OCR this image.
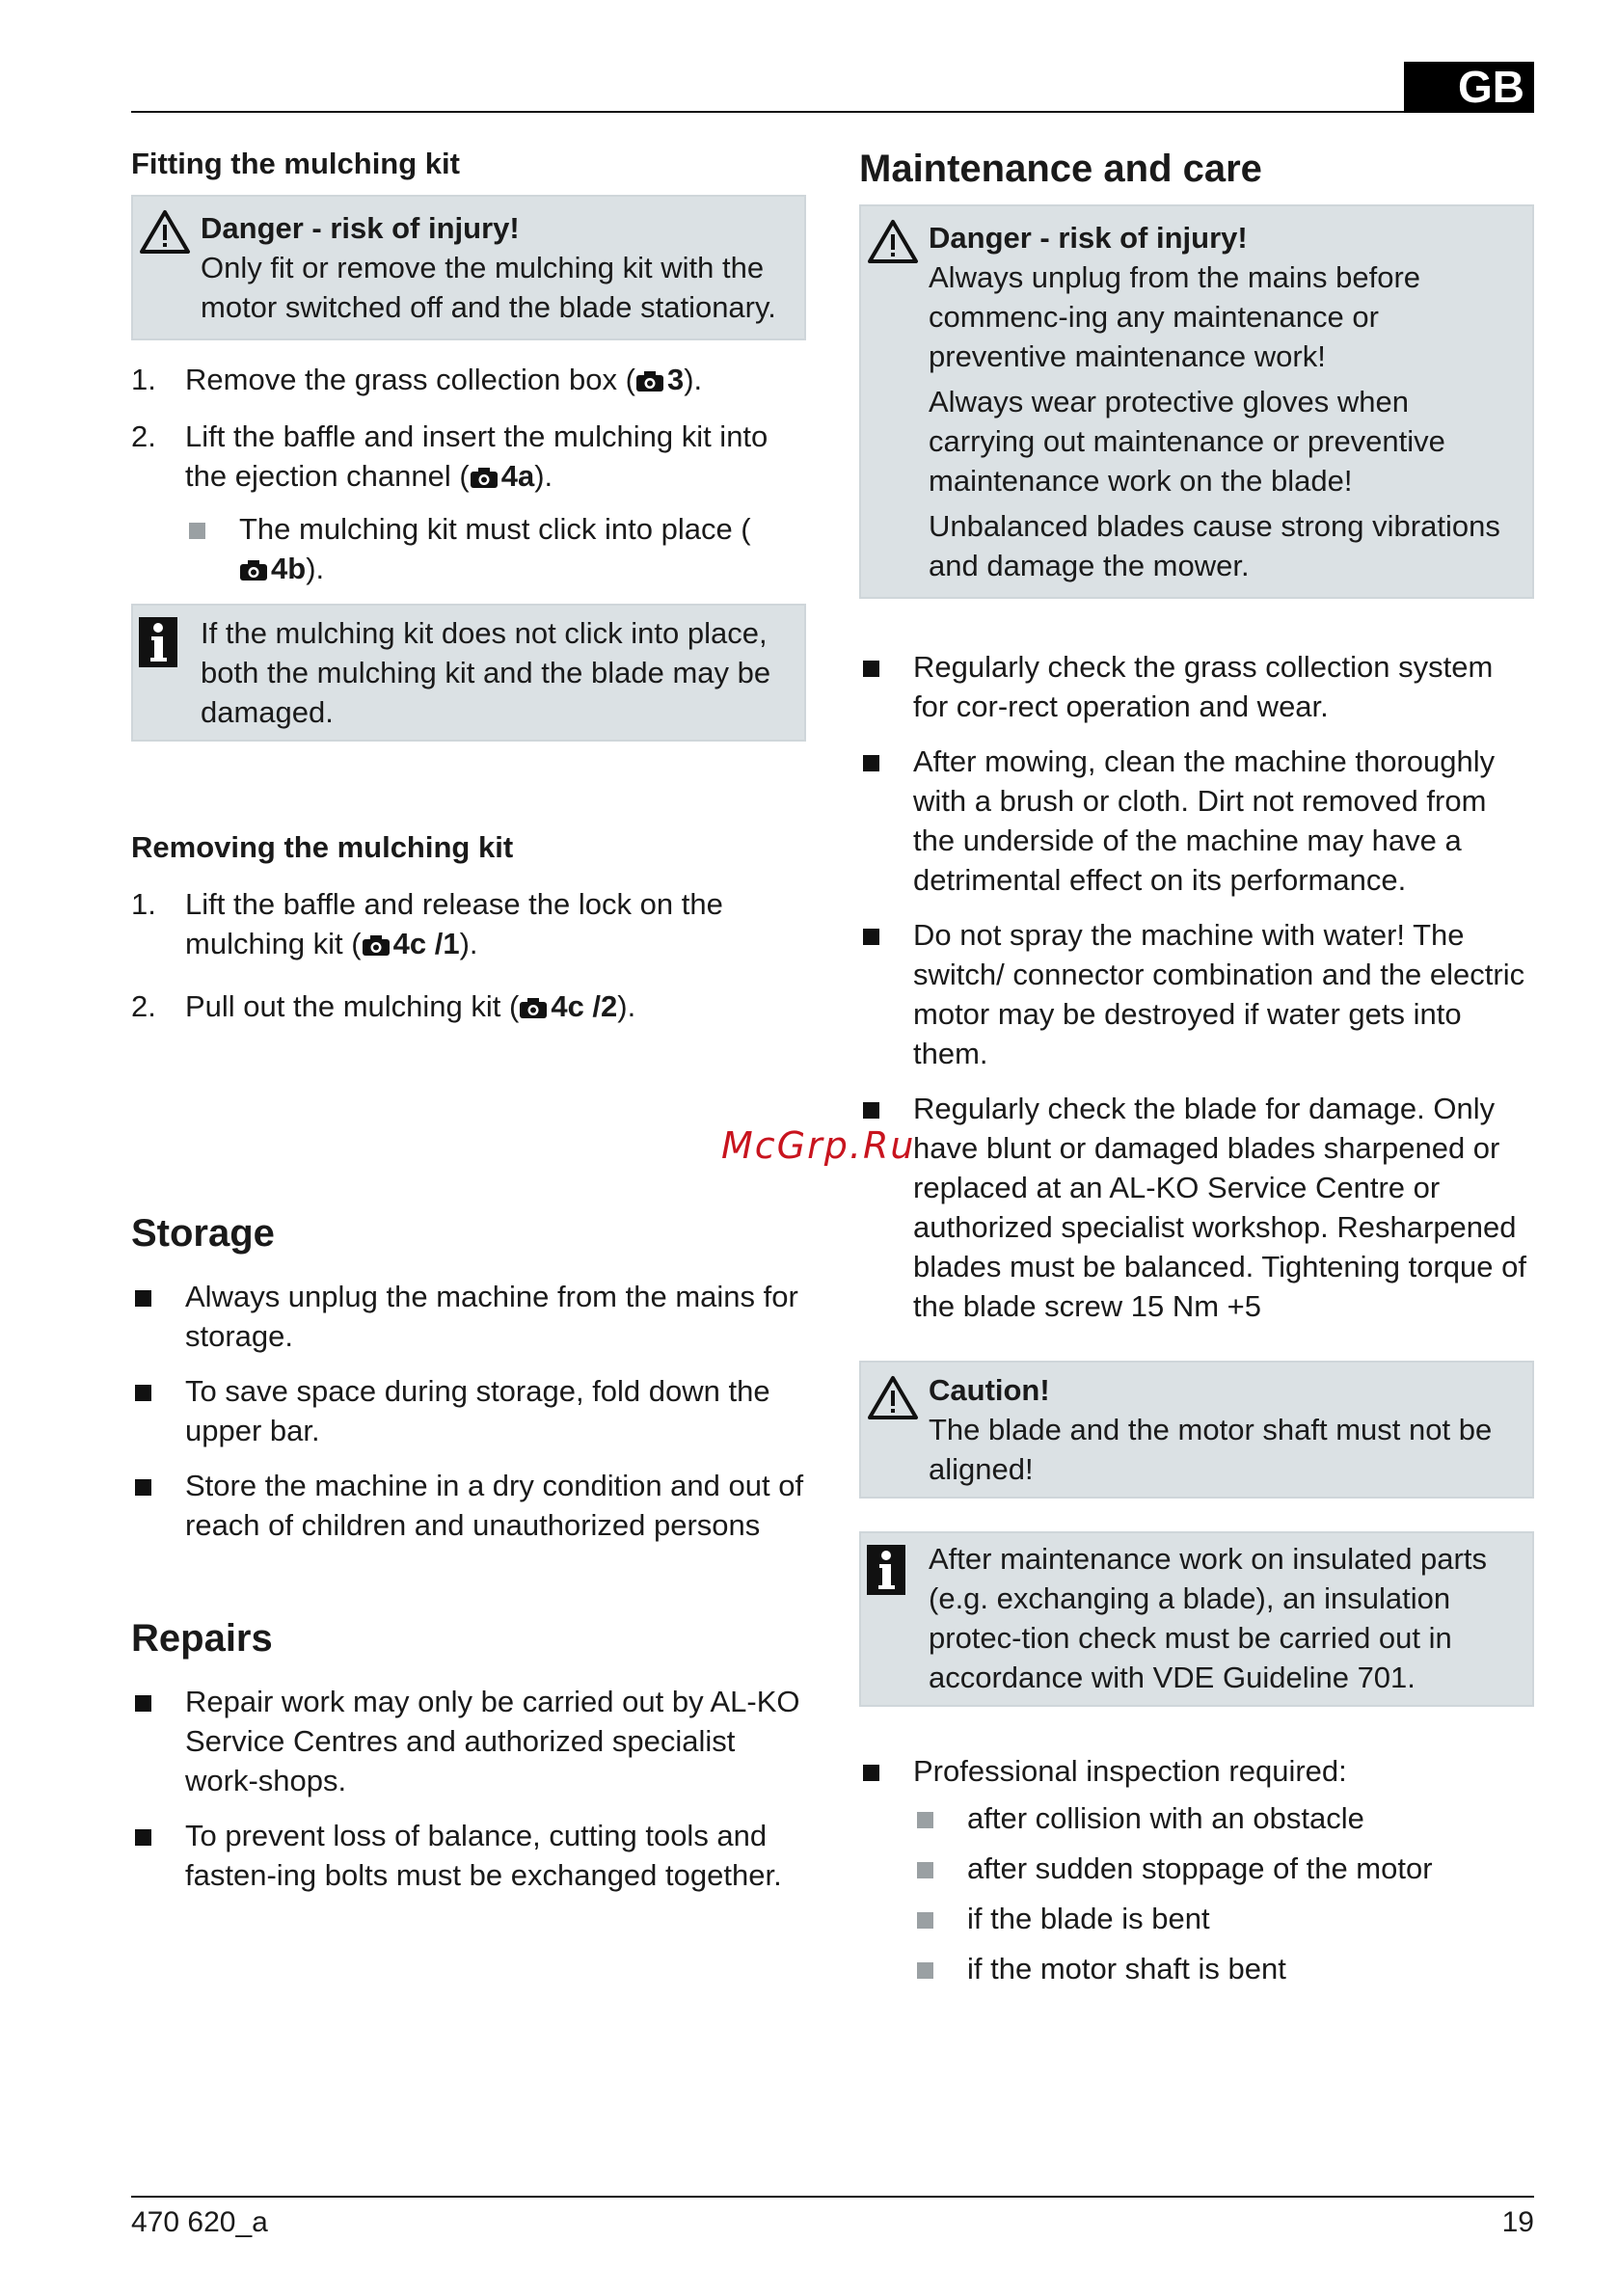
GB
Fitting the mulching kit
Danger - risk of injury!
Only fit or remove the mulching kit with the motor switched off and the blade stationary.
1. Remove the grass collection box ( 3).
2. Lift the baffle and insert the mulching kit into the ejection channel ( 4a).
The mulching kit must click into place (4b).
If the mulching kit does not click into place, both the mulching kit and the blade may be damaged.
Removing the mulching kit
1. Lift the baffle and release the lock on the mulching kit ( 4c /1).
2. Pull out the mulching kit ( 4c /2).
Storage
Always unplug the machine from the mains for storage.
To save space during storage, fold down the upper bar.
Store the machine in a dry condition and out of reach of children and unauthorized persons
Repairs
Repair work may only be carried out by AL-KO Service Centres and authorized specialist work-shops.
To prevent loss of balance, cutting tools and fasten-ing bolts must be exchanged together.
Maintenance and care
Danger - risk of injury!
Always unplug from the mains before commenc-ing any maintenance or preventive maintenance work!
Always wear protective gloves when carrying out maintenance or preventive maintenance work on the blade!
Unbalanced blades cause strong vibrations and damage the mower.
Regularly check the grass collection system for cor-rect operation and wear.
After mowing, clean the machine thoroughly with a brush or cloth. Dirt not removed from the underside of the machine may have a detrimental effect on its performance.
Do not spray the machine with water! The switch/ connector combination and the electric motor may be destroyed if water gets into them.
Regularly check the blade for damage. Only have blunt or damaged blades sharpened or replaced at an AL-KO Service Centre or authorized specialist workshop. Resharpened blades must be balanced. Tightening torque of the blade screw 15 Nm +5
Caution!
The blade and the motor shaft must not be aligned!
After maintenance work on insulated parts (e.g. exchanging a blade), an insulation protec-tion check must be carried out in accordance with VDE Guideline 701.
Professional inspection required:
after collision with an obstacle
after sudden stoppage of the motor
if the blade is bent
if the motor shaft is bent
McGrp.Ru
470 620_a	19
